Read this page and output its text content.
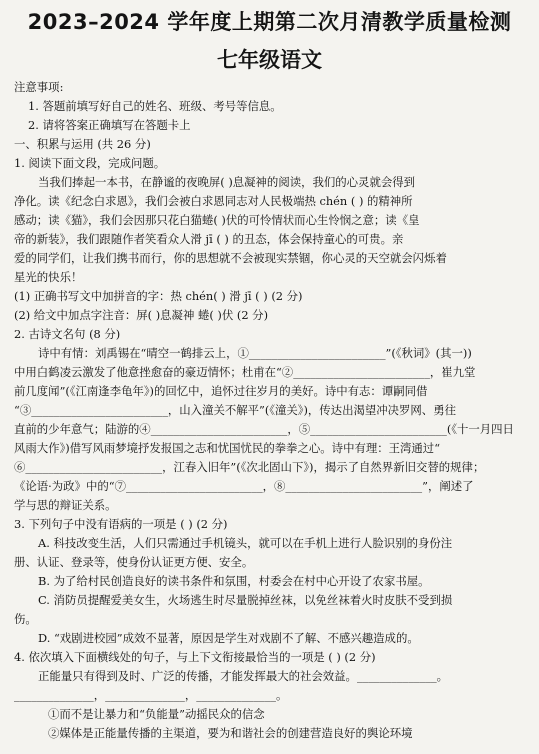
2023–2024 学年度上期第二次月清教学质量检测
七年级语文

注意事项:

1. 答题前填写好自己的姓名、班级、考号等信息。

2. 请将答案正确填写在答题卡上

一、积累与运用 (共 26 分)

1. 阅读下面文段，完成问题。

当我们捧起一本书，在静谧的夜晚屏( )息凝神的阅读，我们的心灵就会得到

净化。读《纪念白求恩》，我们会被白求恩同志对人民极端热 chén ( ) 的精神所

感动；读《猫》，我们会因那只花白猫蜷( )伏的可怜情状而心生怜悯之意；读《皇

帝的新装》，我们跟随作者笑看众人滑 jī ( ) 的丑态，体会保持童心的可贵。亲

爱的同学们，让我们携书而行，你的思想就不会被现实禁锢，你心灵的天空就会闪烁着

星光的快乐！

(1) 正确书写文中加拼音的字：热 chén( ) 滑 jī ( ) (2 分)

(2) 给文中加点字注音：屏( )息凝神 蜷( )伏 (2 分)

2. 古诗文名句 (8 分)

诗中有情：刘禹锡在“晴空一鹤排云上，①________________________”(《秋词》(其一))

中用白鹤凌云激发了他意挫愈奋的豪迈情怀；杜甫在“②________________________，崔九堂

前几度闻”(《江南逢李龟年》)的回忆中，追怀过往岁月的美好。诗中有志：谭嗣同借

“③________________________，山入潼关不解平”(《潼关》)，传达出渴望冲决罗网、勇往

直前的少年意气；陆游的④________________________，⑤________________________(《十一月四日

风雨大作》)借写风雨梦境抒发报国之志和忧国忧民的拳拳之心。诗中有理：王湾通过“

⑥________________________，江春入旧年”(《次北固山下》)，揭示了自然界新旧交替的规律；

《论语·为政》中的“⑦________________________，⑧________________________”，阐述了

学与思的辩证关系。

3. 下列句子中没有语病的一项是 ( ) (2 分)

A. 科技改变生活，人们只需通过手机镜头，就可以在手机上进行人脸识别的身份注

册、认证、登录等，使身份认证更方便、安全。

B. 为了给村民创造良好的读书条件和氛围，村委会在村中心开设了农家书屋。

C. 消防员提醒爱美女生，火场逃生时尽量脱掉丝袜，以免丝袜着火时皮肤不受到损

伤。

D. “戏剧进校园”成效不显著，原因是学生对戏剧不了解、不感兴趣造成的。

4. 依次填入下面横线处的句子，与上下文衔接最恰当的一项是 ( ) (2 分)

正能量只有得到及时、广泛的传播，才能发挥最大的社会效益。______________。

______________，______________，______________。

①而不是让暴力和“负能量”动摇民众的信念

②媒体是正能量传播的主渠道，要为和谐社会的创建营造良好的舆论环境
